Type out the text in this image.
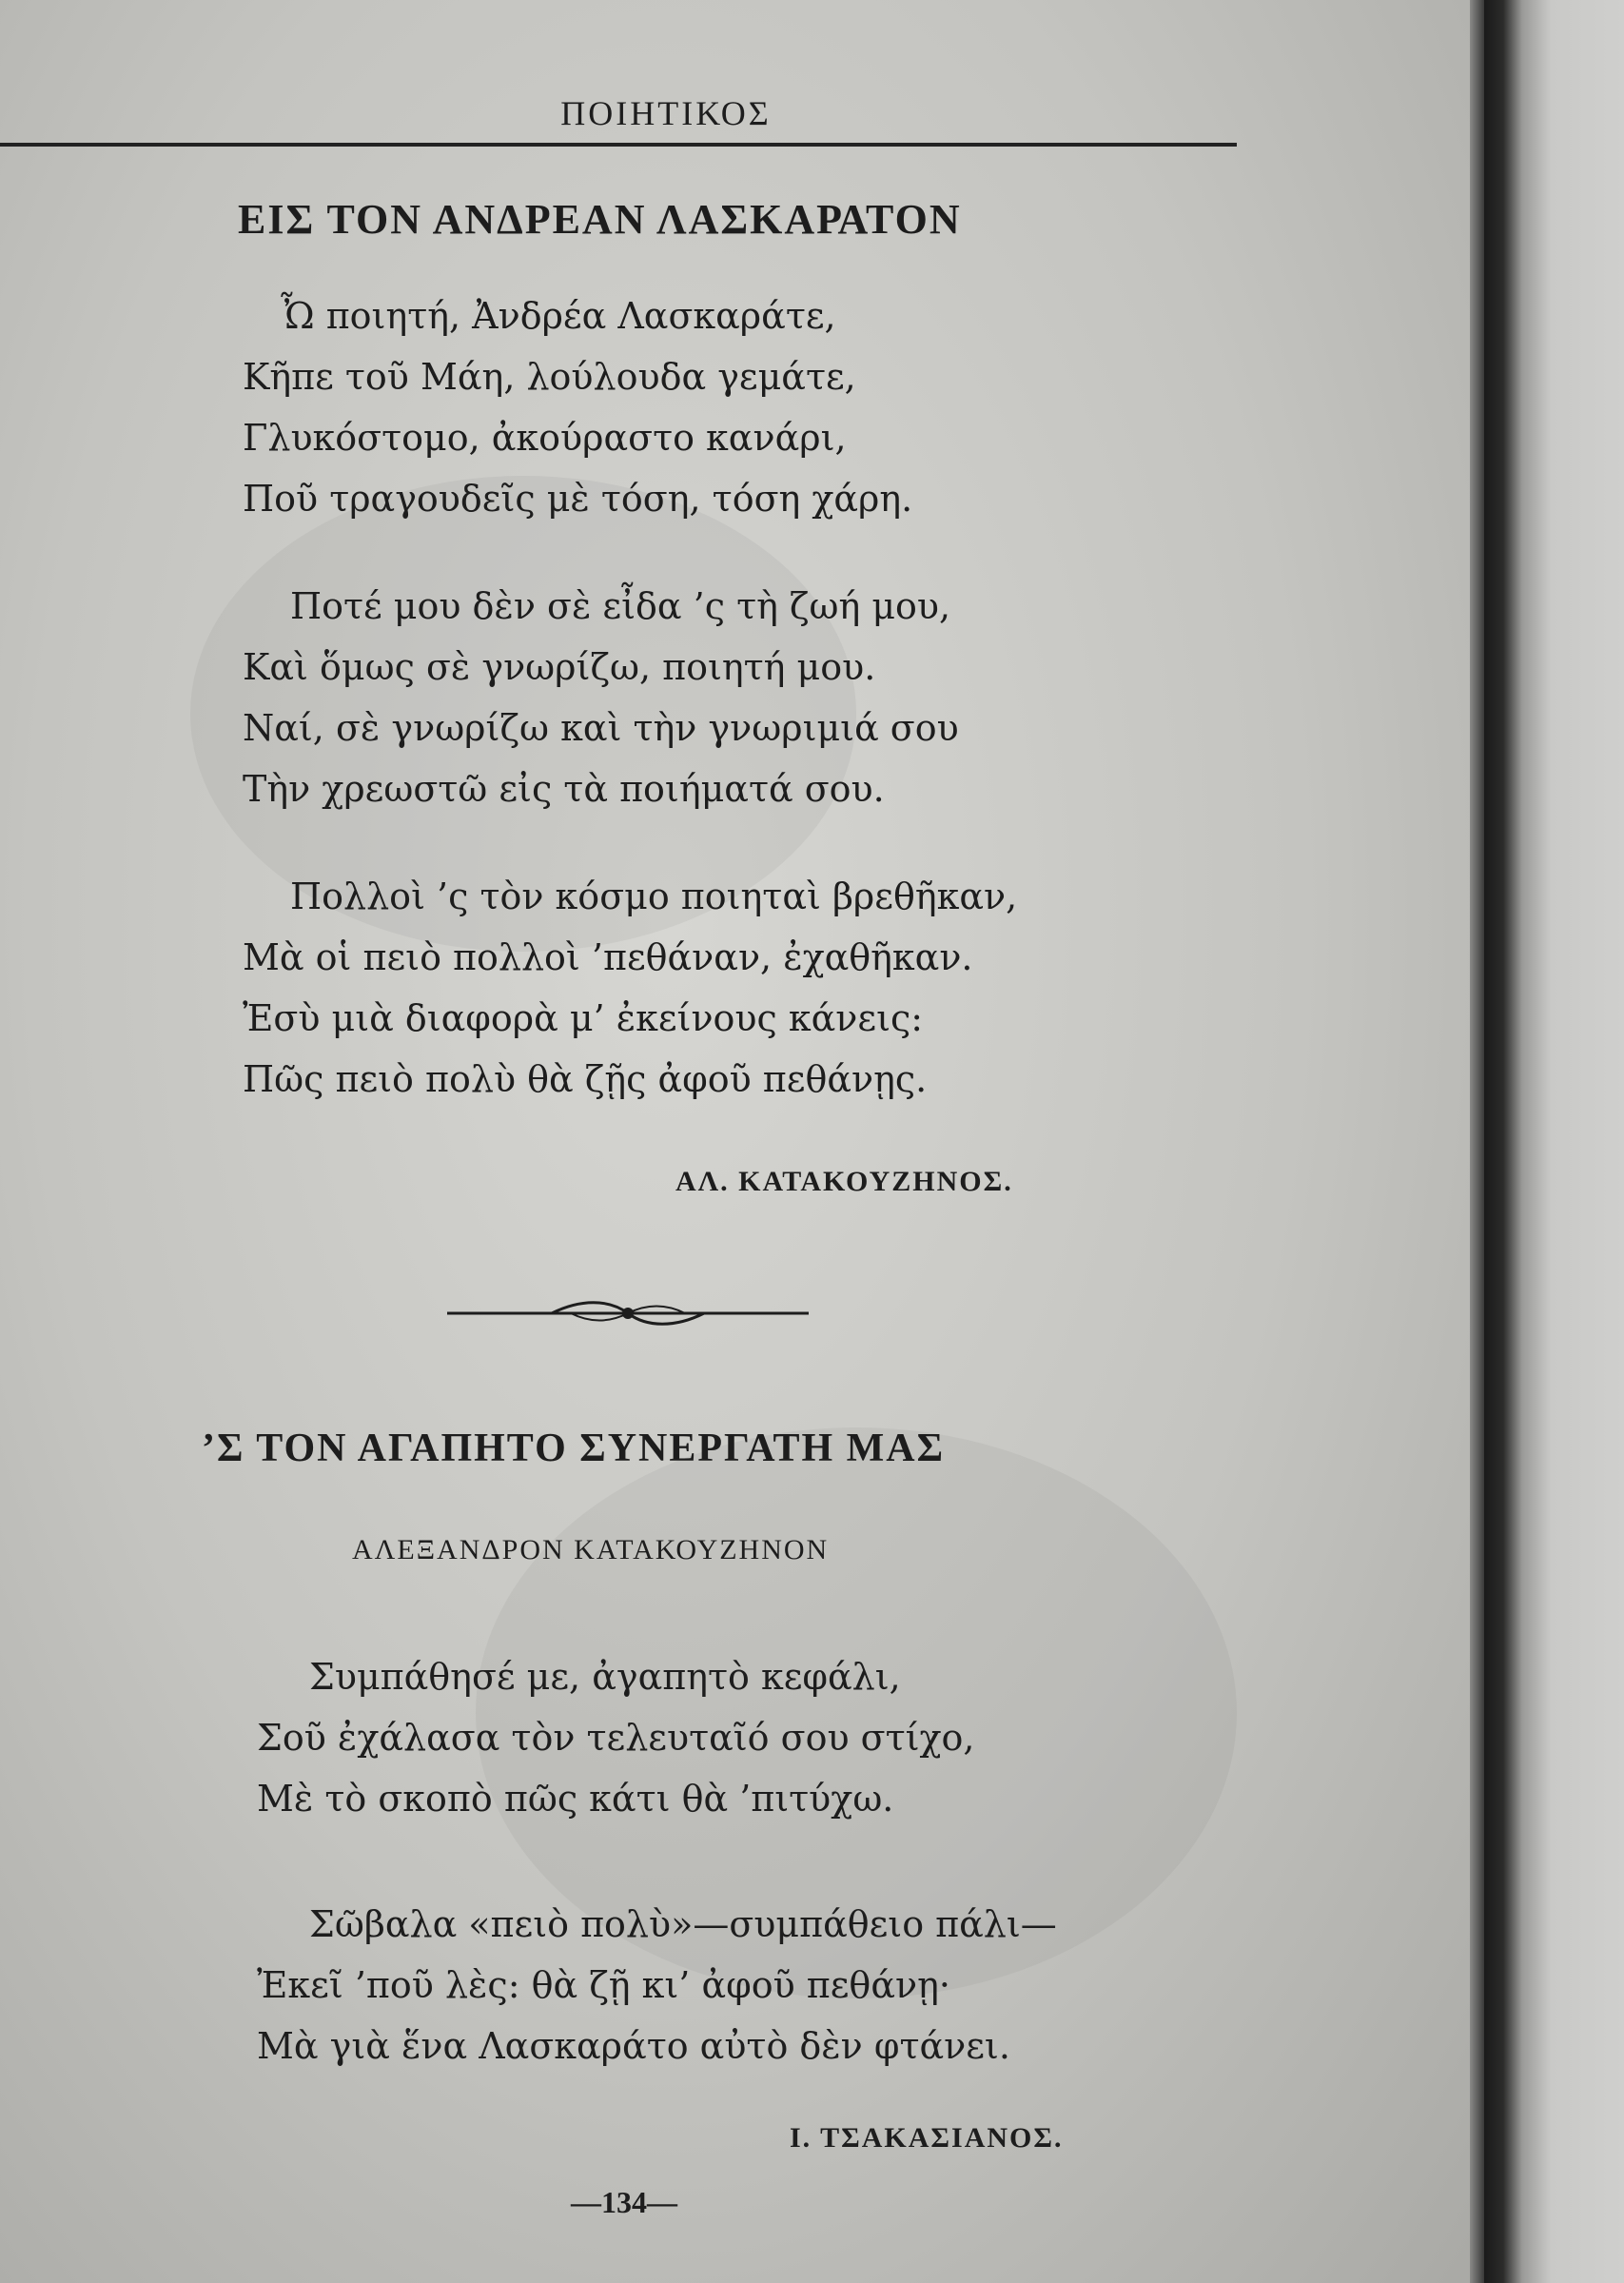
ΠΟΙΗΤΙΚΟΣ
ΕΙΣ ΤΟΝ ΑΝΔΡΕΑΝ ΛΑΣΚΑΡΑΤΟΝ
Ὦ ποιητή, Ἀνδρέα Λασκαράτε,
Κῆπε τοῦ Μάη, λούλουδα γεμάτε,
Γλυκόστομο, ἀκούραστο κανάρι,
Ποῦ τραγουδεῖς μὲ τόση, τόση χάρη.
Ποτέ μου δὲν σὲ εἶδα ’ς τὴ ζωή μου,
Καὶ ὅμως σὲ γνωρίζω, ποιητή μου.
Ναί, σὲ γνωρίζω καὶ τὴν γνωριμιά σου
Τὴν χρεωστῶ εἰς τὰ ποιήματά σου.
Πολλοὶ ’ς τὸν κόσμο ποιηταὶ βρεθῆκαν,
Μὰ οἱ πειὸ πολλοὶ ’πεθάναν, ἐχαθῆκαν.
Ἐσὺ μιὰ διαφορὰ μ’ ἐκείνους κάνεις:
Πῶς πειὸ πολὺ θὰ ζῇς ἀφοῦ πεθάνῃς.
ΑΛ. ΚΑΤΑΚΟΥΖΗΝΟΣ.
’Σ ΤΟΝ ΑΓΑΠΗΤΟ ΣΥΝΕΡΓΑΤΗ ΜΑΣ
ΑΛΕΞΑΝΔΡΟΝ ΚΑΤΑΚΟΥΖΗΝΟΝ
Συμπάθησέ με, ἀγαπητὸ κεφάλι,
Σοῦ ἐχάλασα τὸν τελευταῖό σου στίχο,
Μὲ τὸ σκοπὸ πῶς κάτι θὰ ’πιτύχω.
Σῶβαλα «πειὸ πολὺ»—συμπάθειο πάλι—
Ἐκεῖ ’ποῦ λὲς: θὰ ζῇ κι’ ἀφοῦ πεθάνῃ·
Μὰ γιὰ ἕνα Λασκαράτο αὐτὸ δὲν φτάνει.
Ι. ΤΣΑΚΑΣΙΑΝΟΣ.
—134—
